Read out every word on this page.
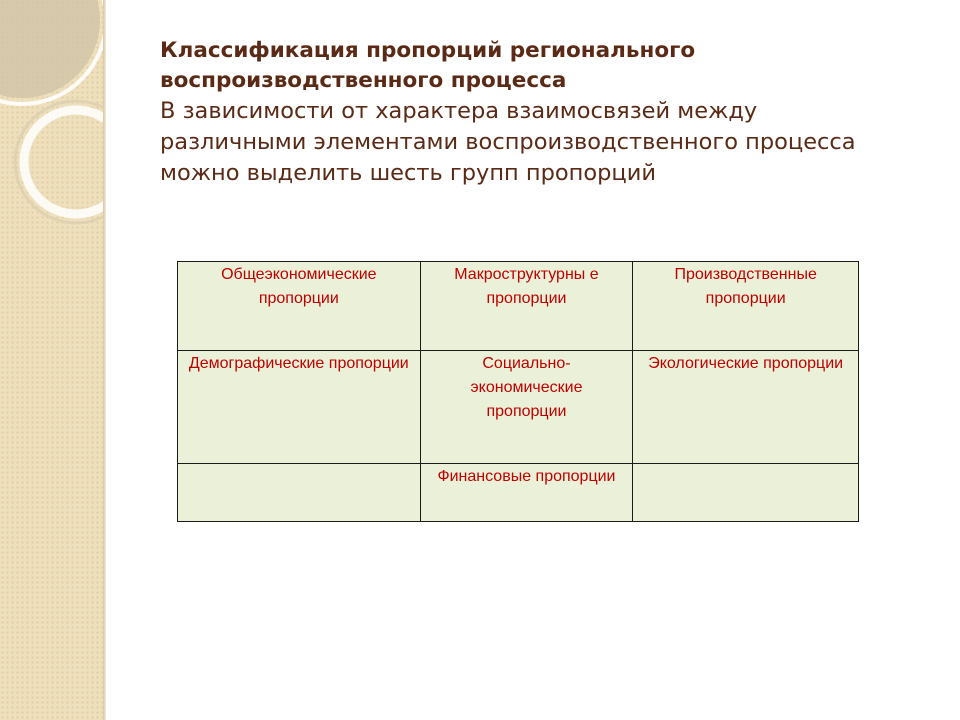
Классификация пропорций регионального воспроизводственного процесса

В зависимости от характера взаимосвязей между различными элементами воспроизводственного процесса можно выделить шесть групп пропорций

Общеэкономические пропорции	Макроструктурны е пропорции	Производственные пропорции
Демографические пропорции	Социально-экономические пропорции	Экологические пропорции
	Финансовые пропорции	
